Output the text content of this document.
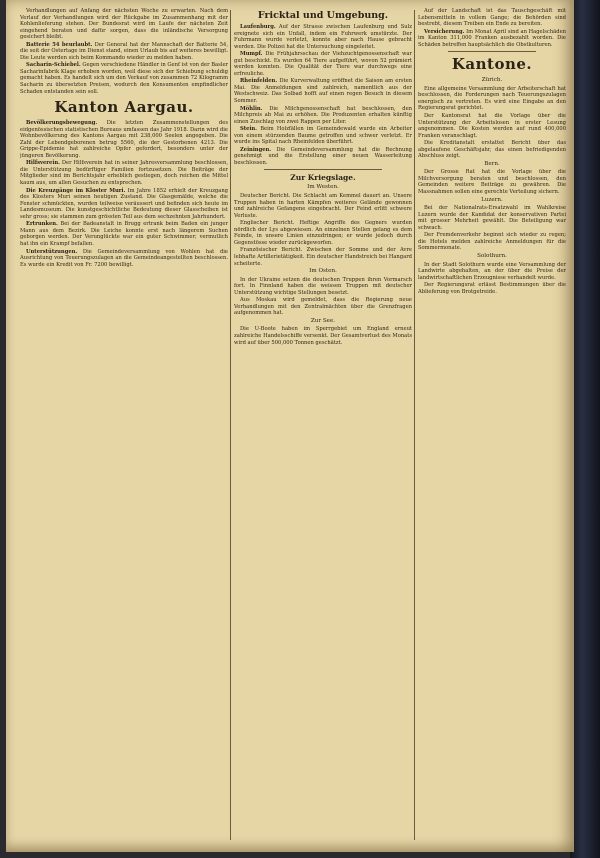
Verhandlungen auf Anfang der nächsten Woche zu erwarten. Nach dem Verlauf der Verhandlungen wird der Rückgabe im Zusammenhang mit der Kohlenlieferung stehen. Der Bundesrat wird im Laufe der nächsten Zeit eingehend beraten und dafür sorgen, dass die inländische Versorgung gesichert bleibt.

Batterie 54 beurlaubt. Der General hat der Mannschaft der Batterie 54, die seit der Ostertage im Dienst stand, einen Urlaub bis auf weiteres bewilligt. Die Leute werden sich beim Kommando wieder zu melden haben.

Sacharin-Schiebel. Gegen verschiedene Händler in Genf ist von der Basler Sacharinfabrik Klage erhoben worden, weil diese sich der Schiebung schuldig gemacht haben. Es handelt sich um den Verkauf von zusammen 72 Kilogramm Sacharin zu übersetzten Preisen, wodurch den Konsumenten empfindlicher Schaden entstanden sein soll.

Kanton Aargau.

Bevölkerungsbewegung. Die letzten Zusammenstellungen des eidgenössischen statistischen Bureaus umfassen das Jahr 1918. Darin wird die Wohnbevölkerung des Kantons Aargau mit 238,000 Seelen angegeben. Die Zahl der Lebendgeborenen betrug 5560, die der Gestorbenen 4213. Die Grippe-Epidemie hat zahlreiche Opfer gefordert, besonders unter der jüngeren Bevölkerung.

Hilfsverein. Der Hilfsverein hat in seiner Jahresversammlung beschlossen, die Unterstützung bedürftiger Familien fortzusetzen. Die Beiträge der Mitglieder sind im Berichtsjahr erheblich gestiegen, doch reichen die Mittel kaum aus, um allen Gesuchen zu entsprechen.

Die Kreuzgänge im Kloster Muri. Im Jahre 1852 erhielt der Kreuzgang des Klosters Muri seinen heutigen Zustand. Die Glasgemälde, welche die Fenster schmückten, wurden teilweise veräussert und befinden sich heute im Landesmuseum. Die kunstgeschichtliche Bedeutung dieser Glasscheiben ist sehr gross; sie stammen zum grössten Teil aus dem sechzehnten Jahrhundert.

Ertrunken. Bei der Badeanstalt in Brugg ertrank beim Baden ein junger Mann aus dem Bezirk. Die Leiche konnte erst nach längerem Suchen geborgen werden. Der Verunglückte war ein guter Schwimmer; vermutlich hat ihn ein Krampf befallen.

Unterstützungen. Die Gemeindeversammlung von Wohlen hat die Ausrichtung von Teuerungszulagen an die Gemeindeangestellten beschlossen. Es wurde ein Kredit von Fr. 7200 bewilligt.

Fricktal und Umgebung.

Laufenburg. Auf der Strasse zwischen Laufenburg und Sulz ereignete sich ein Unfall, indem ein Fuhrwerk umstürzte. Der Fuhrmann wurde verletzt, konnte aber nach Hause gebracht werden. Die Polizei hat die Untersuchung eingeleitet.

Mumpf. Die Frühjahrsschau der Viehzuchtgenossenschaft war gut beschickt. Es wurden 64 Tiere aufgeführt, wovon 52 prämiert werden konnten. Die Qualität der Tiere war durchwegs eine erfreuliche.

Rheinfelden. Die Kurverwaltung eröffnet die Saison am ersten Mai. Die Anmeldungen sind zahlreich, namentlich aus der Westschweiz. Das Solbad hofft auf einen regen Besuch in diesem Sommer.

Möhlin. Die Milchgenossenschaft hat beschlossen, den Milchpreis ab Mai zu erhöhen. Die Produzenten erhalten künftig einen Zuschlag von zwei Rappen per Liter.

Stein. Beim Holzfällen im Gemeindewald wurde ein Arbeiter von einem stürzenden Baume getroffen und schwer verletzt. Er wurde ins Spital nach Rheinfelden überführt.

Zeiningen. Die Gemeindeversammlung hat die Rechnung genehmigt und die Erstellung einer neuen Wasserleitung beschlossen.

Zur Kriegslage.

Im Westen.

Deutscher Bericht. Die Schlacht am Kemmel dauert an. Unsere Truppen haben in harten Kämpfen weiteres Gelände gewonnen und zahlreiche Gefangene eingebracht. Der Feind erlitt schwere Verluste.

Englischer Bericht. Heftige Angriffe des Gegners wurden nördlich der Lys abgewiesen. An einzelnen Stellen gelang es dem Feinde, in unsere Linien einzudringen; er wurde jedoch durch Gegenstösse wieder zurückgeworfen.

Französischer Bericht. Zwischen der Somme und der Avre lebhafte Artillerietätigkeit. Ein deutscher Handstreich bei Hangard scheiterte.

Im Osten.

In der Ukraine setzen die deutschen Truppen ihren Vormarsch fort. In Finnland haben die weissen Truppen mit deutscher Unterstützung wichtige Stellungen besetzt.

Aus Moskau wird gemeldet, dass die Regierung neue Verhandlungen mit den Zentralmächten über die Grenzfragen aufgenommen hat.

Zur See.

Die U-Boote haben im Sperrgebiet um England erneut zahlreiche Handelsschiffe versenkt. Der Gesamtverlust des Monats wird auf über 500,000 Tonnen geschätzt.

Auf der Landschaft ist das Tauschgeschäft mit Lebensmitteln in vollem Gange; die Behörden sind bestrebt, diesem Treiben ein Ende zu bereiten.

Versicherung. Im Monat April sind an Hagelschäden im Kanton 311,000 Franken ausbezahlt worden. Die Schäden betreffen hauptsächlich die Obstkulturen.

Kantone.

Zürich.

Eine allgemeine Versammlung der Arbeiterschaft hat beschlossen, die Forderungen nach Teuerungszulagen energisch zu vertreten. Es wird eine Eingabe an den Regierungsrat gerichtet.

Der Kantonsrat hat die Vorlage über die Unterstützung der Arbeitslosen in erster Lesung angenommen. Die Kosten werden auf rund 400,000 Franken veranschlagt.

Die Kreditanstalt erstattet Bericht über das abgelaufene Geschäftsjahr, das einen befriedigenden Abschluss zeigt.

Bern.

Der Grosse Rat hat die Vorlage über die Milchversorgung beraten und beschlossen, den Gemeinden weitere Beiträge zu gewähren. Die Massnahmen sollen eine gerechte Verteilung sichern.

Luzern.

Bei der Nationalrats-Ersatzwahl im Wahlkreise Luzern wurde der Kandidat der konservativen Partei mit grosser Mehrheit gewählt. Die Beteiligung war schwach.

Der Fremdenverkehr beginnt sich wieder zu regen; die Hotels melden zahlreiche Anmeldungen für die Sommermonate.

Solothurn.

In der Stadt Solothurn wurde eine Versammlung der Landwirte abgehalten, an der über die Preise der landwirtschaftlichen Erzeugnisse verhandelt wurde.

Der Regierungsrat erlässt Bestimmungen über die Ablieferung von Brotgetreide.
